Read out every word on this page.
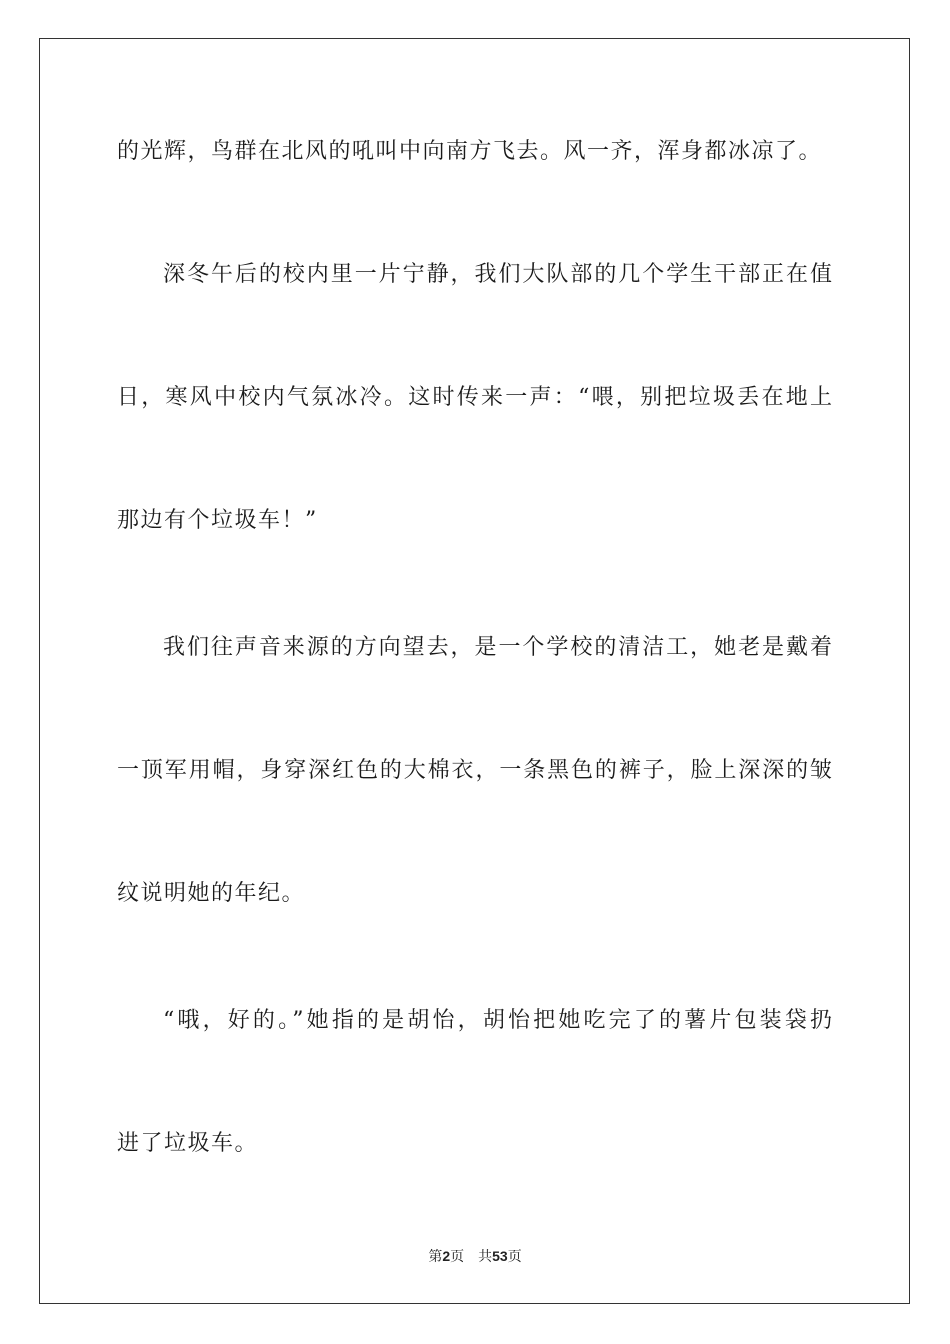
的光辉，鸟群在北风的吼叫中向南方飞去。风一齐，浑身都冰凉了。
深冬午后的校内里一片宁静，我们大队部的几个学生干部正在值
日，寒风中校内气氛冰冷。这时传来一声：“喂，别把垃圾丢在地上
那边有个垃圾车！”
我们往声音来源的方向望去，是一个学校的清洁工，她老是戴着
一顶军用帽，身穿深红色的大棉衣，一条黑色的裤子，脸上深深的皱
纹说明她的年纪。
“哦，好的。”她指的是胡怡，胡怡把她吃完了的薯片包装袋扔
进了垃圾车。
第2页 共53页
